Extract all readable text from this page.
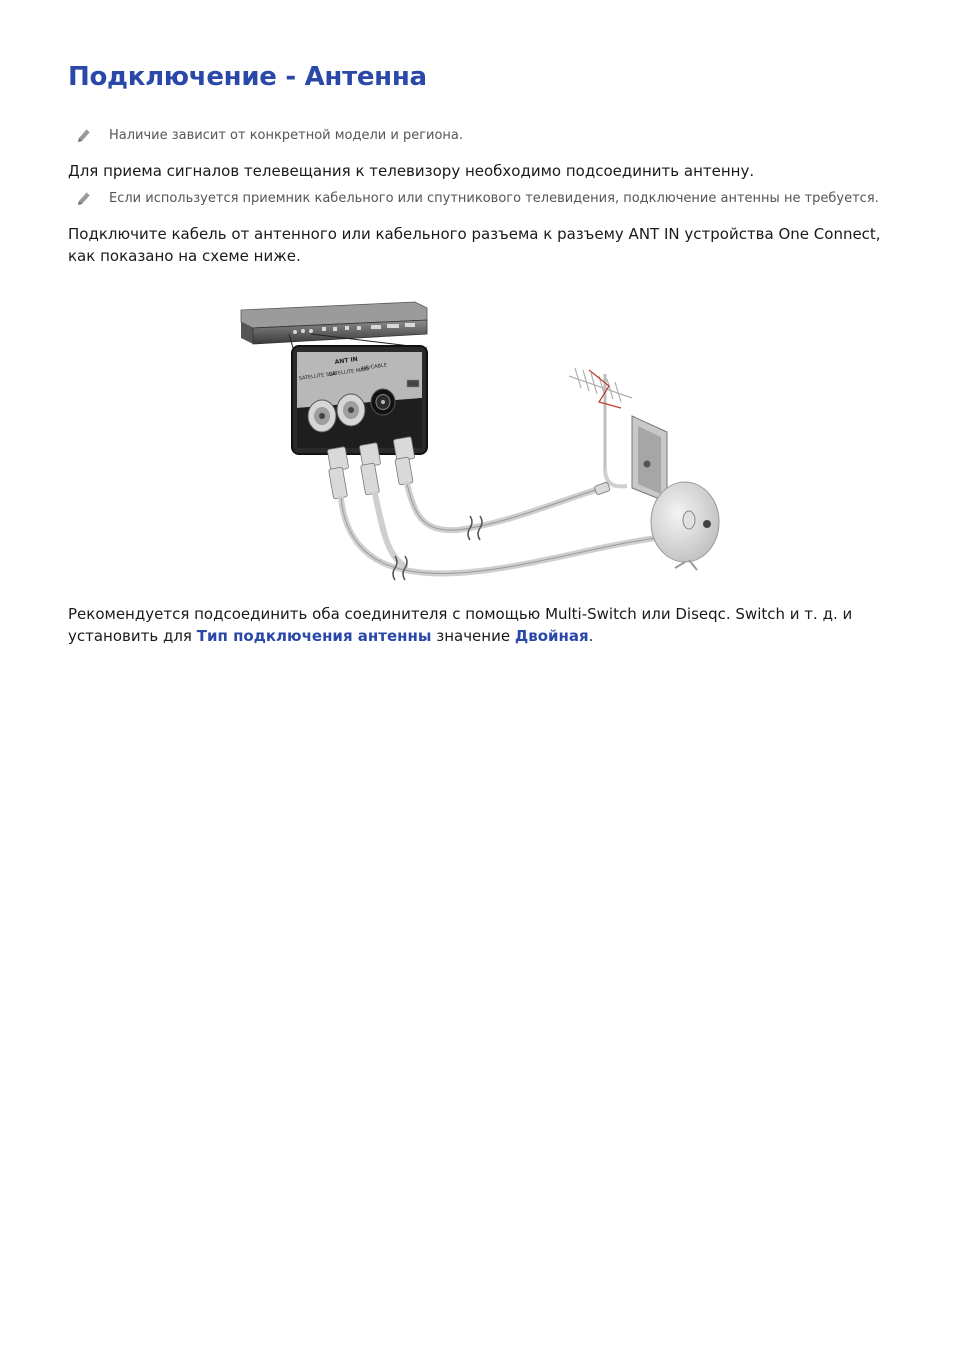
Подключение - Антенна
Наличие зависит от конкретной модели и региона.

Для приема сигналов телевещания к телевизору необходимо подсоединить антенну.

Если используется приемник кабельного или спутникового телевидения, подключение антенны не требуется.

Подключите кабель от антенного или кабельного разъема к разъему ANT IN устройства One Connect, как показано на схеме ниже.

ANT IN
SATELLITE SUB
SATELLITE MAIN
AIR/CABLE

Рекомендуется подсоединить оба соединителя с помощью Multi-Switch или Diseqc. Switch и т. д. и установить для Тип подключения антенны значение Двойная.
